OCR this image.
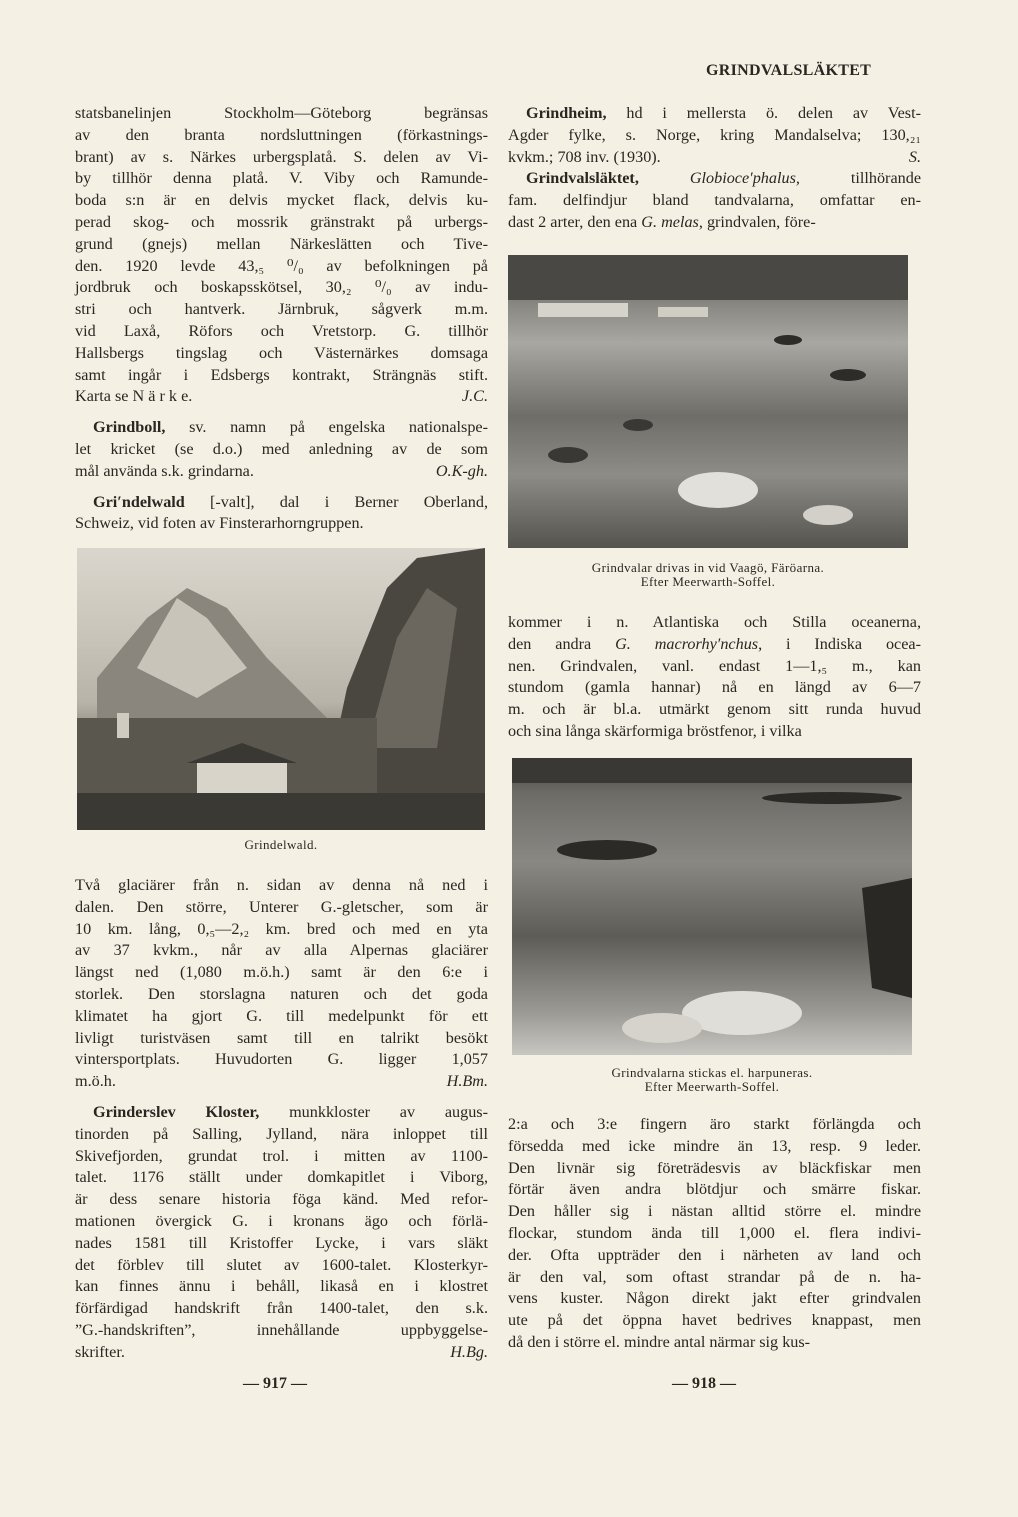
GRINDVALSLÄKTET
statsbanelinjen Stockholm—Göteborg begränsas
av den branta nordsluttningen (förkastnings-
brant) av s. Närkes urbergsplatå. S. delen av Vi-
by tillhör denna platå. V. Viby och Ramunde-
boda s:n är en delvis mycket flack, delvis ku-
perad skog- och mossrik gränstrakt på urbergs-
grund (gnejs) mellan Närkeslätten och Tive-
den. 1920 levde 43,₅ ⁰/₀ av befolkningen på
jordbruk och boskapsskötsel, 30,₂ ⁰/₀ av indu-
stri och hantverk. Järnbruk, sågverk m.m.
vid Laxå, Röfors och Vretstorp. G. tillhör
Hallsbergs tingslag och Västernärkes domsaga
samt ingår i Edsbergs kontrakt, Strängnäs stift.
J.C.
Karta se N ä r k e.
Grindboll, sv. namn på engelska nationalspe-
let kricket (se d.o.) med anledning av de som
O.K-gh.
mål använda s.k. grindarna.
Gri′ndelwald [-valt], dal i Berner Oberland,
Schweiz, vid foten av Finsterarhorngruppen.
Grindelwald.
Två glaciärer från n. sidan av denna nå ned i
dalen. Den större, Unterer G.-gletscher, som är
10 km. lång, 0,₅—2,₂ km. bred och med en yta
av 37 kvkm., når av alla Alpernas glaciärer
längst ned (1,080 m.ö.h.) samt är den 6:e i
storlek. Den storslagna naturen och det goda
klimatet ha gjort G. till medelpunkt för ett
livligt turistväsen samt till en talrikt besökt
vintersportplats. Huvudorten G. ligger 1,057
H.Bm.
m.ö.h.
Grinderslev Kloster, munkkloster av augus-
tinorden på Salling, Jylland, nära inloppet till
Skivefjorden, grundat trol. i mitten av 1100-
talet. 1176 ställt under domkapitlet i Viborg,
är dess senare historia föga känd. Med refor-
mationen övergick G. i kronans ägo och förlä-
nades 1581 till Kristoffer Lycke, i vars släkt
det förblev till slutet av 1600-talet. Klosterkyr-
kan finnes ännu i behåll, likaså en i klostret
förfärdigad handskrift från 1400-talet, den s.k.
”G.-handskriften”, innehållande uppbyggelse-
H.Bg.
skrifter.
Grindheim, hd i mellersta ö. delen av Vest-
Agder fylke, s. Norge, kring Mandalselva; 130,₂₁
S.
kvkm.; 708 inv. (1930).
Grindvalsläktet,	Globioce′phalus, tillhörande
fam. delfindjur bland tandvalarna, omfattar en-
dast 2 arter, den ena G. melas, grindvalen, före-
Grindvalar drivas in vid Vaagö, Färöarna.
Efter Meerwarth-Soffel.
kommer i n. Atlantiska och Stilla oceanerna,
den andra G. macrorhy′nchus, i Indiska ocea-
nen. Grindvalen, vanl. endast 1—1,₅ m., kan
stundom (gamla hannar) nå en längd av 6—7
m. och är bl.a. utmärkt genom sitt runda huvud
och sina långa skärformiga bröstfenor, i vilka
Grindvalarna stickas el. harpuneras.
Efter Meerwarth-Soffel.
2:a och 3:e fingern äro starkt förlängda och
försedda med icke mindre än 13, resp. 9 leder.
Den livnär sig företrädesvis av bläckfiskar men
förtär även andra blötdjur och smärre fiskar.
Den håller sig i nästan alltid större el. mindre
flockar, stundom ända till 1,000 el. flera indivi-
der. Ofta uppträder den i närheten av land och
är den val, som oftast strandar på de n. ha-
vens kuster. Någon direkt jakt efter grindvalen
ute på det öppna havet bedrives knappast, men
då den i större el. mindre antal närmar sig kus-
— 917 —	— 918 —
